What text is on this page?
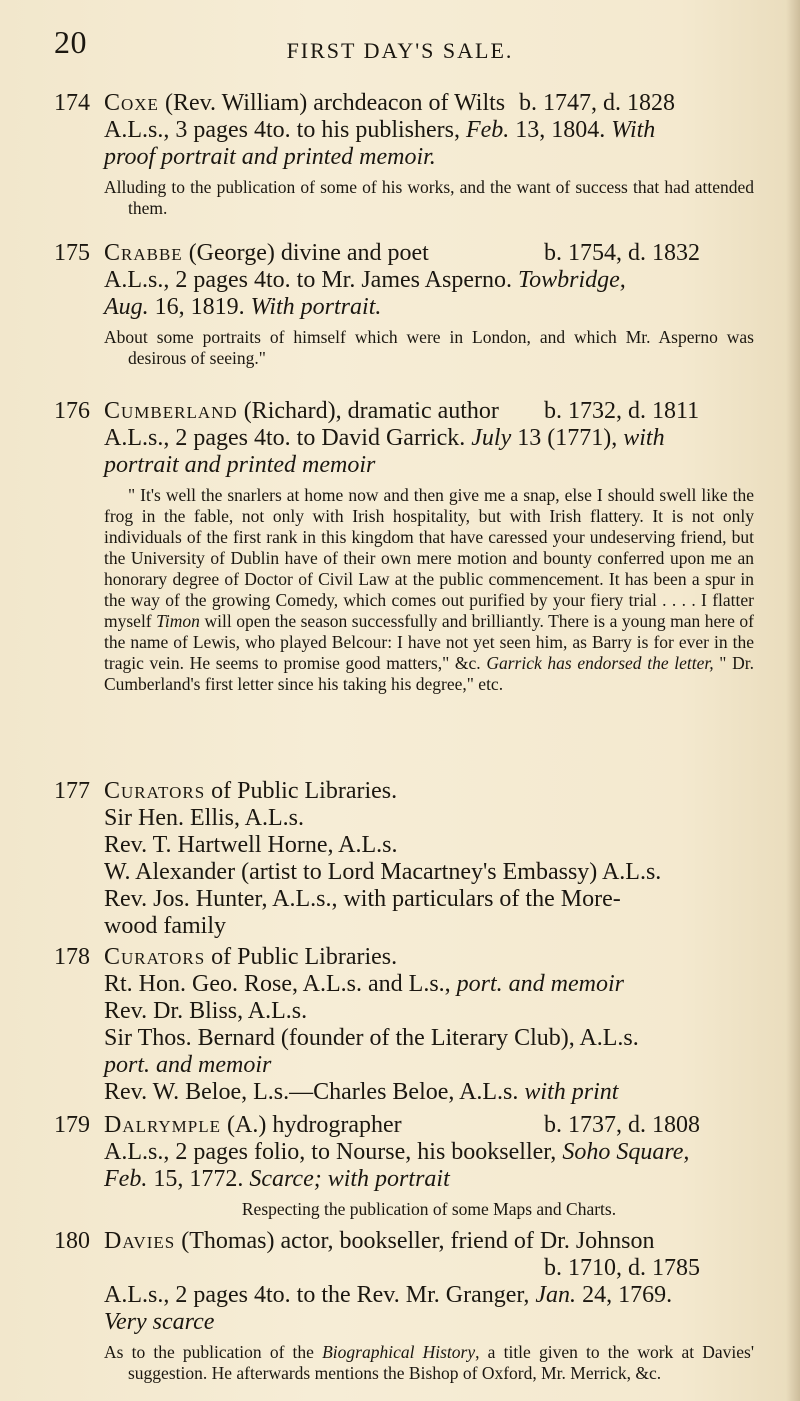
20	FIRST DAY'S SALE.
174 Coxe (Rev. William) archdeacon of Wilts b. 1747, d. 1828
A.L.s., 3 pages 4to. to his publishers, Feb. 13, 1804. With
proof portrait and printed memoir.

Alluding to the publication of some of his works, and the want of success that had attended them.

175 Crabbe (George) divine and poet	b. 1754, d. 1832
A.L.s., 2 pages 4to. to Mr. James Asperno. Towbridge,
Aug. 16, 1819. With portrait.

About some portraits of himself which were in London, and which Mr. Asperno was desirous of seeing."

176 Cumberland (Richard), dramatic author b. 1732, d. 1811
A.L.s., 2 pages 4to. to David Garrick. July 13 (1771), with
portrait and printed memoir

" It's well the snarlers at home now and then give me a snap, else I should swell like the frog in the fable, not only with Irish hospitality, but with Irish flattery. It is not only individuals of the first rank in this kingdom that have caressed your undeserving friend, but the University of Dublin have of their own mere motion and bounty conferred upon me an honorary degree of Doctor of Civil Law at the public commencement. It has been a spur in the way of the growing Comedy, which comes out purified by your fiery trial . . . . I flatter myself Timon will open the season successfully and brilliantly. There is a young man here of the name of Lewis, who played Belcour: I have not yet seen him, as Barry is for ever in the tragic vein. He seems to promise good matters," &c. Garrick has endorsed the letter, " Dr. Cumberland's first letter since his taking his degree," etc.

177 Curators of Public Libraries.
Sir Hen. Ellis, A.L.s.
Rev. T. Hartwell Horne, A.L.s.
W. Alexander (artist to Lord Macartney's Embassy) A.L.s.
Rev. Jos. Hunter, A.L.s., with particulars of the More-
wood family
178 Curators of Public Libraries.
Rt. Hon. Geo. Rose, A.L.s. and L.s., port. and memoir
Rev. Dr. Bliss, A.L.s.
Sir Thos. Bernard (founder of the Literary Club), A.L.s.
port. and memoir
Rev. W. Beloe, L.s.—Charles Beloe, A.L.s. with print
179 Dalrymple (A.) hydrographer	b. 1737, d. 1808
A.L.s., 2 pages folio, to Nourse, his bookseller, Soho Square,
Feb. 15, 1772. Scarce; with portrait

Respecting the publication of some Maps and Charts.

180 Davies (Thomas) actor, bookseller, friend of Dr. Johnson
b. 1710, d. 1785

A.L.s., 2 pages 4to. to the Rev. Mr. Granger, Jan. 24, 1769.
Very scarce

As to the publication of the Biographical History, a title given to the work at Davies' suggestion. He afterwards mentions the Bishop of Oxford, Mr. Merrick, &c.
